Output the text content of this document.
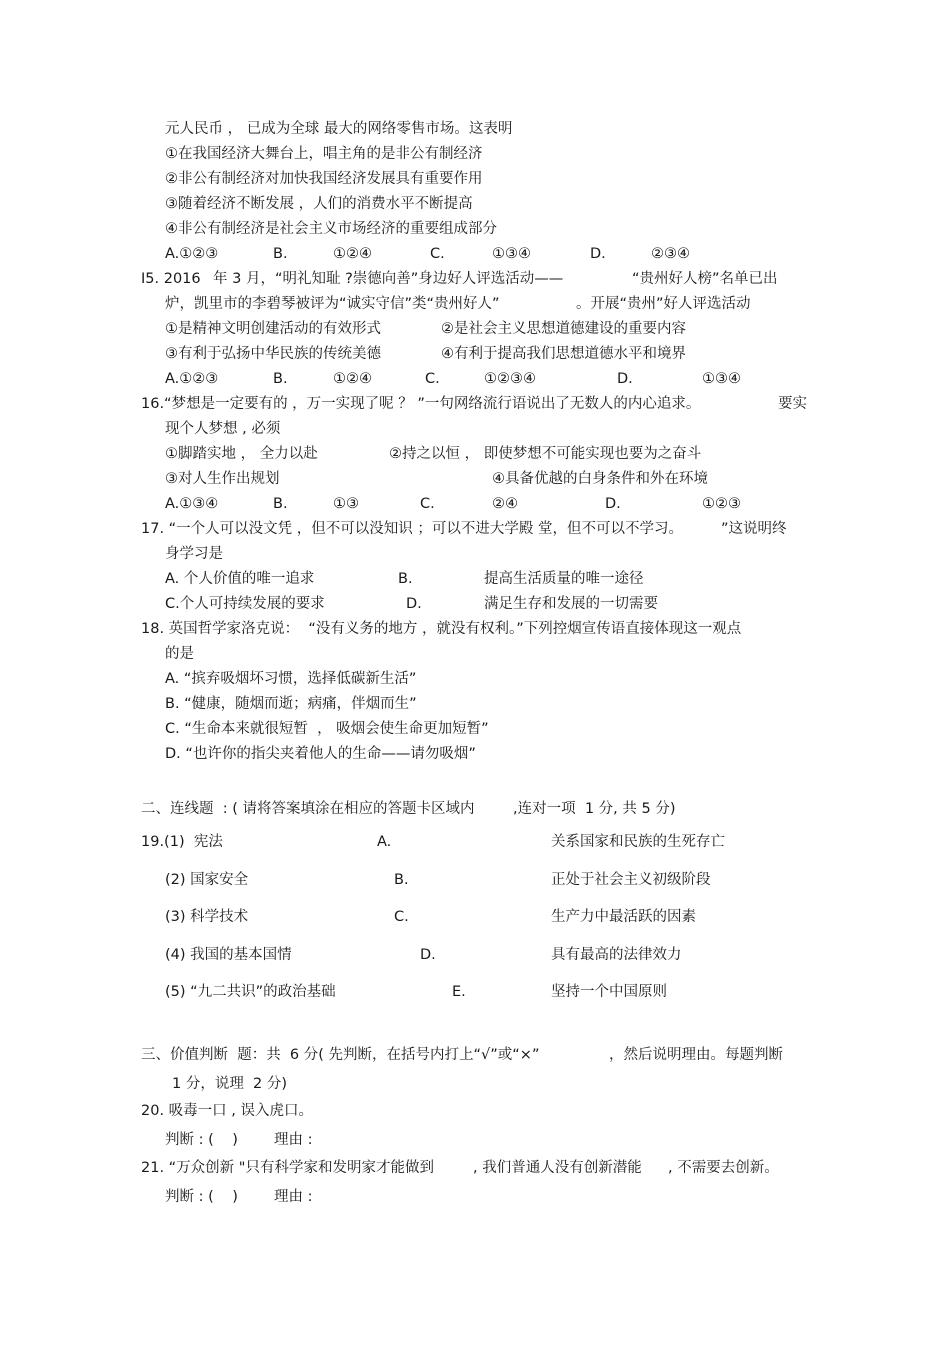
元人民币 ， 已成为全球 最大的网络零售市场。这表明
①在我国经济大舞台上，唱主角的是非公有制经济
②非公有制经济对加快我国经济发展具有重要作用
③随着经济不断发展 ，人们的消费水平不断提高
④非公有制经济是社会主义市场经济的重要组成部分
A.①②③	B.	①②④	C.	①③④	D.	②③④
I5. 2016 年 3 月，“明礼知耻 ?崇德向善”身边好人评选活动——	“贵州好人榜”名单已出
炉，凯里市的李碧琴被评为“诚实守信”类“贵州好人”	。开展“贵州”好人评选活动
①是精神文明创建活动的有效形式	②是社会主义思想道德建设的重要内容
③有利于弘扬中华民族的传统美德	④有利于提高我们思想道德水平和境界
A.①②③	B.	①②④	C.	①②③④	D.	①③④
16.“梦想是一定要有的 ，万一实现了呢 ？ ”一句网络流行语说出了无数人的内心追求。	要实
现个人梦想 , 必须
①脚踏实地 ， 全力以赴	②持之以恒 ， 即使梦想不可能实现也要为之奋斗
③对人生作出规划	④具备优越的白身条件和外在环境
A.①③④	B.	①③	C.	②④	D.	①②③
17. “一个人可以没文凭 ，但不可以没知识 ；可以不进大学殿 堂，但不可以不学习。	”这说明终
身学习是
A. 个人价值的唯一追求	B.	提高生活质量的唯一途径
C.个人可持续发展的要求	D.	满足生存和发展的一切需要
18. 英国哲学家洛克说：  “没有义务的地方 ，就没有权利。”下列控烟宣传语直接体现这一观点
的是
A. “摈弃吸烟坏习惯，选择低碳新生活”
B. “健康，随烟而逝；病痛，伴烟而生”
C. “生命本来就很短暂  ， 吸烟会使生命更加短暂”
D. “也许你的指尖夹着他人的生命——请勿吸烟”
二、连线题  : ( 请将答案填涂在相应的答题卡区域内	,连对一项  1 分, 共 5 分)
19.(1)  宪法	A.	关系国家和民族的生死存亡
(2) 国家安全	B.	正处于社会主义初级阶段
(3) 科学技术	C.	生产力中最活跃的因素
(4) 我国的基本国情	D.	具有最高的法律效力
(5) “九二共识”的政治基础	E.	坚持一个中国原则
三、价值判断  题：共  6 分( 先判断，在括号内打上“√”或“×”	，然后说明理由。每题判断
1 分，说理  2 分)
20. 吸毒一口 , 误入虎口。
判断 : (    ) 理由 :
21. “万众创新 "只有科学家和发明家才能做到	, 我们普通人没有创新潜能 , 不需要去创新。
判断 : (    ) 理由 :
